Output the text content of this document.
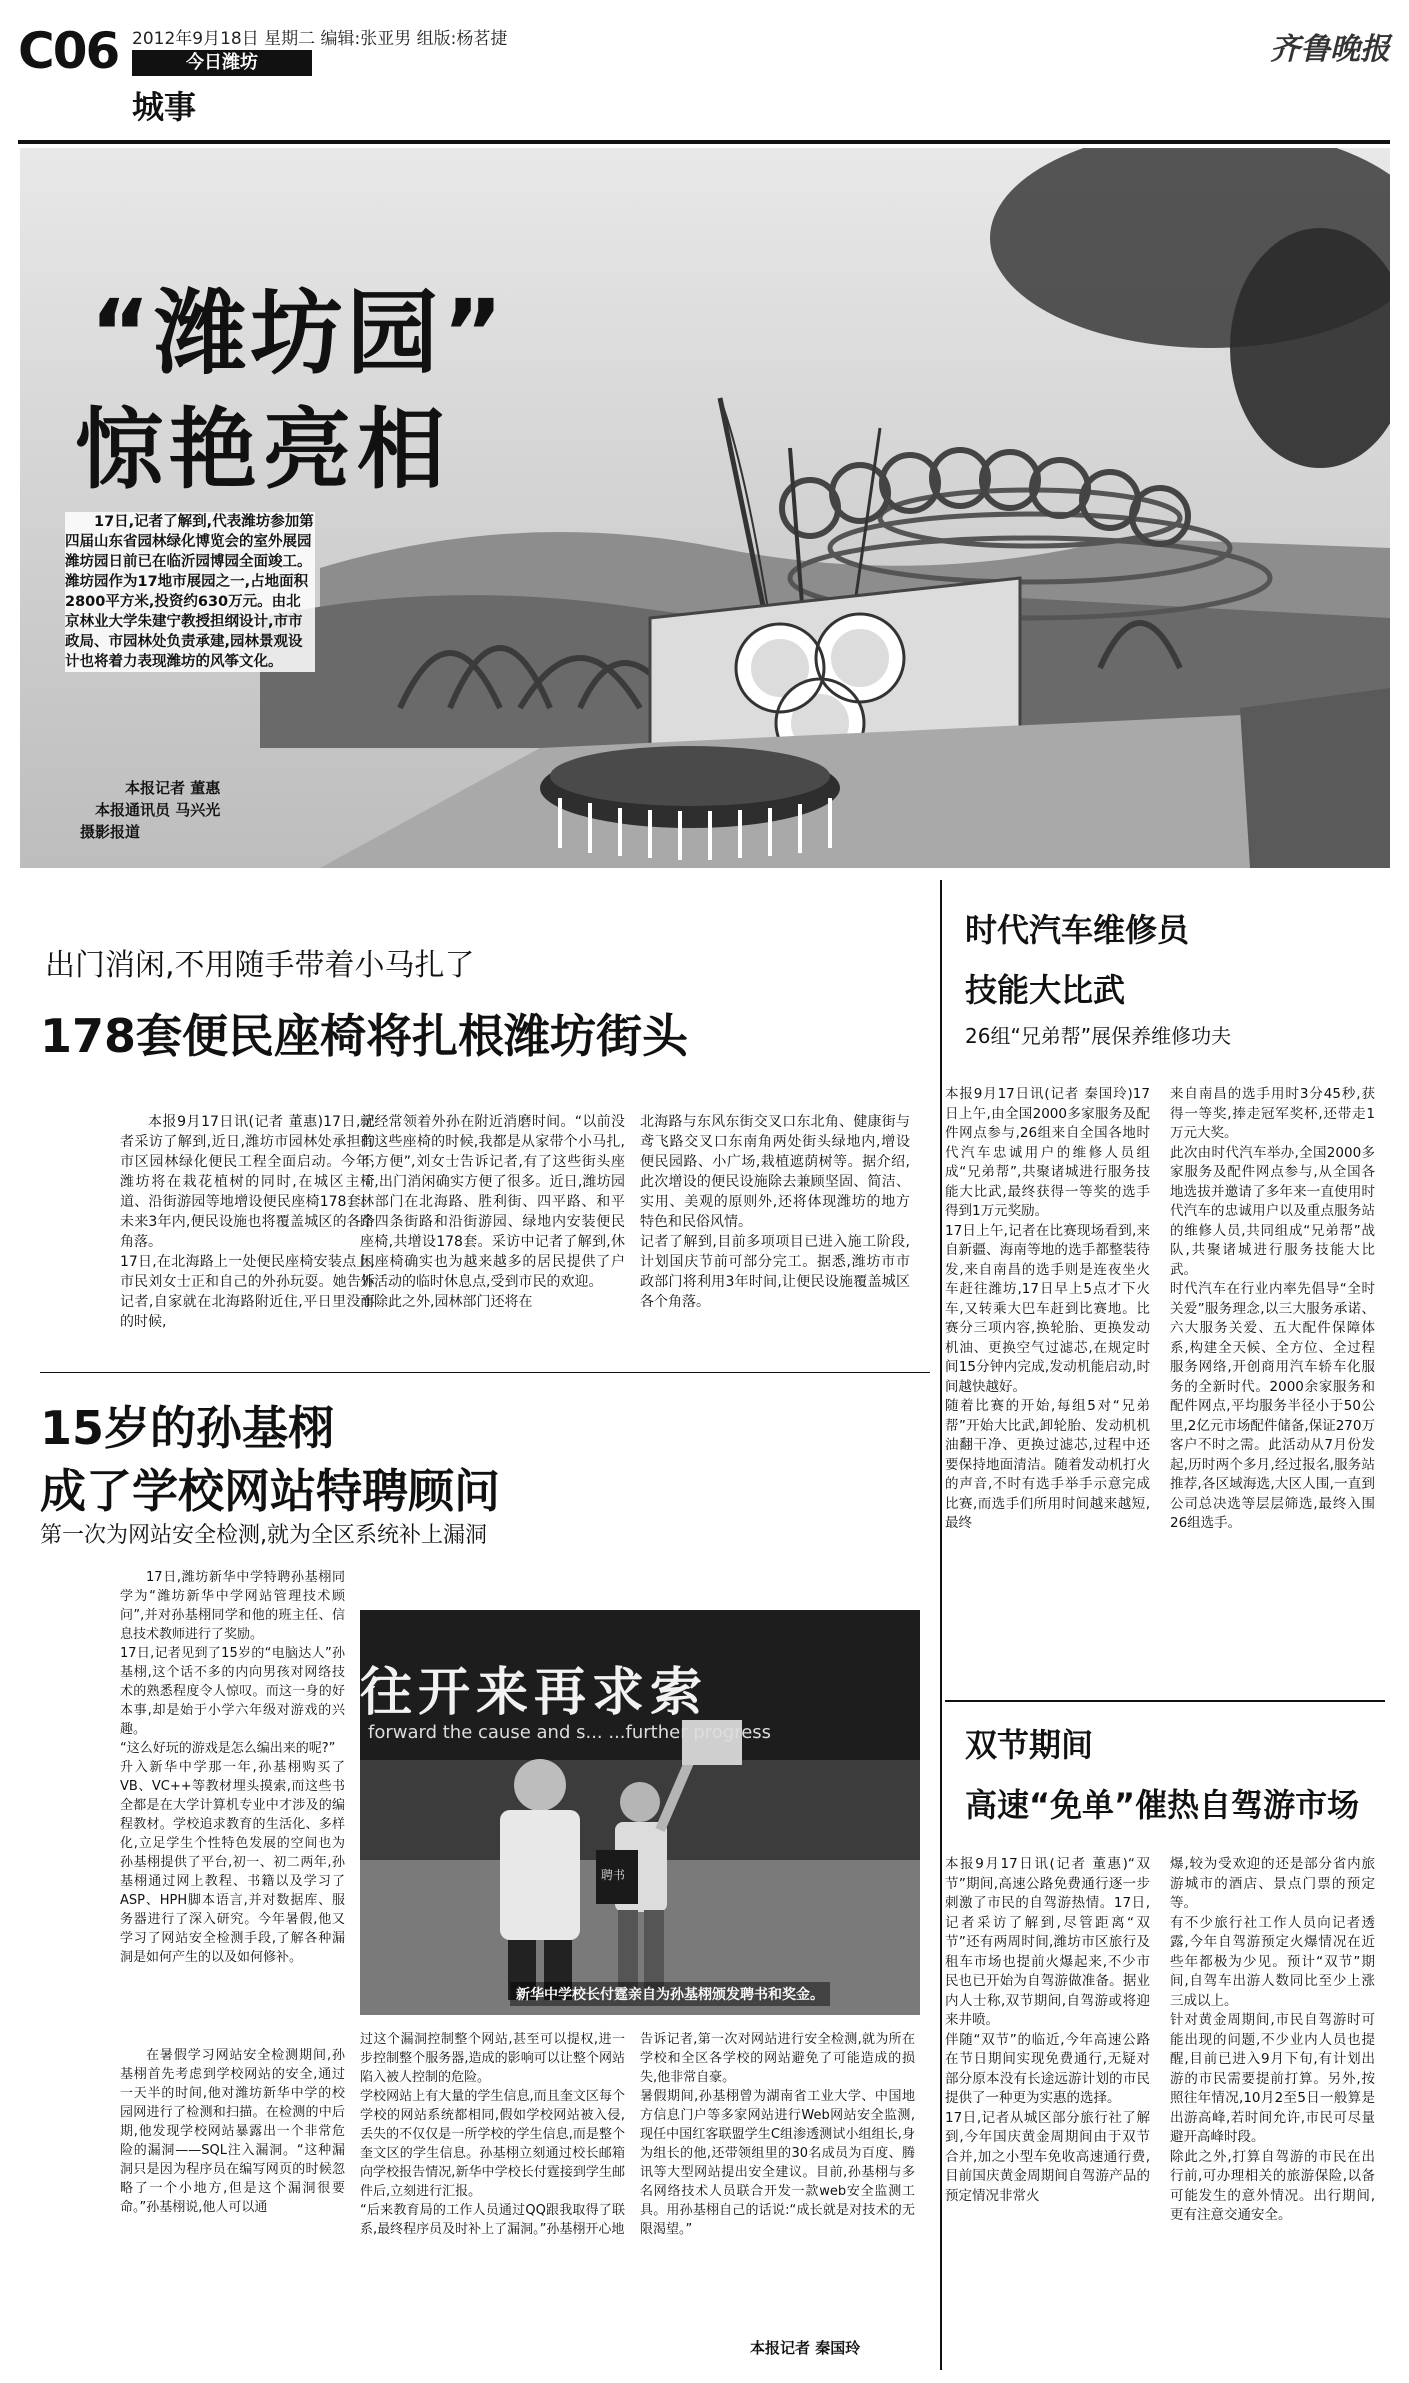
C06 2012年9月18日 星期二 编辑:张亚男 组版:杨茗捷
今日潍坊
城事
齐鲁晚报
“潍坊园”
惊艳亮相
17日,记者了解到,代表潍坊参加第四届山东省园林绿化博览会的室外展园潍坊园日前已在临沂园博园全面竣工。潍坊园作为17地市展园之一,占地面积2800平方米,投资约630万元。由北京林业大学朱建宁教授担纲设计,市市政局、市园林处负责承建,园林景观设计也将着力表现潍坊的风筝文化。
本报记者 董惠
本报通讯员 马兴光
摄影报道
出门消闲,不用随手带着小马扎了
178套便民座椅将扎根潍坊街头
本报9月17日讯(记者 董惠)17日,记者采访了解到,近日,潍坊市园林处承担的市区园林绿化便民工程全面启动。今年,潍坊将在栽花植树的同时,在城区主干道、沿街游园等地增设便民座椅178套。未来3年内,便民设施也将覆盖城区的各个角落。
17日,在北海路上一处便民座椅安装点上,市民刘女士正和自己的外孙玩耍。她告诉记者,自家就在北海路附近住,平日里没事的时候,
就经常领着外孙在附近消磨时间。“以前没有这些座椅的时候,我都是从家带个小马扎,不方便”,刘女士告诉记者,有了这些街头座椅,出门消闲确实方便了很多。近日,潍坊园林部门在北海路、胜利街、四平路、和平路四条街路和沿街游园、绿地内安装便民座椅,共增设178套。采访中记者了解到,休闲座椅确实也为越来越多的居民提供了户外活动的临时休息点,受到市民的欢迎。
而除此之外,园林部门还将在
北海路与东风东街交叉口东北角、健康街与鸢飞路交叉口东南角两处街头绿地内,增设便民园路、小广场,栽植遮荫树等。据介绍,此次增设的便民设施除去兼顾坚固、简洁、实用、美观的原则外,还将体现潍坊的地方特色和民俗风情。
记者了解到,目前多项项目已进入施工阶段,计划国庆节前可部分完工。据悉,潍坊市市政部门将利用3年时间,让便民设施覆盖城区各个角落。
15岁的孙基栩
成了学校网站特聘顾问
第一次为网站安全检测,就为全区系统补上漏洞
17日,潍坊新华中学特聘孙基栩同学为“潍坊新华中学网站管理技术顾问”,并对孙基栩同学和他的班主任、信息技术教师进行了奖励。
17日,记者见到了15岁的“电脑达人”孙基栩,这个话不多的内向男孩对网络技术的熟悉程度令人惊叹。而这一身的好本事,却是始于小学六年级对游戏的兴趣。
“这么好玩的游戏是怎么编出来的呢?”
升入新华中学那一年,孙基栩购买了VB、VC++等教材埋头摸索,而这些书全都是在大学计算机专业中才涉及的编程教材。学校追求教育的生活化、多样化,立足学生个性特色发展的空间也为孙基栩提供了平台,初一、初二两年,孙基栩通过网上教程、书籍以及学习了ASP、HPH脚本语言,并对数据库、服务器进行了深入研究。今年暑假,他又学习了网站安全检测手段,了解各种漏洞是如何产生的以及如何修补。
在暑假学习网站安全检测期间,孙基栩首先考虑到学校网站的安全,通过一天半的时间,他对潍坊新华中学的校园网进行了检测和扫描。在检测的中后期,他发现学校网站暴露出一个非常危险的漏洞——SQL注入漏洞。“这种漏洞只是因为程序员在编写网页的时候忽略了一个小地方,但是这个漏洞很要命。”孙基栩说,他人可以通
往开来再求索
forward the cause and s... ...further progress
聘书
新华中学校长付霆亲自为孙基栩颁发聘书和奖金。
过这个漏洞控制整个网站,甚至可以提权,进一步控制整个服务器,造成的影响可以让整个网站陷入被人控制的危险。
学校网站上有大量的学生信息,而且奎文区每个学校的网站系统都相同,假如学校网站被入侵,丢失的不仅仅是一所学校的学生信息,而是整个奎文区的学生信息。孙基栩立刻通过校长邮箱向学校报告情况,新华中学校长付霆接到学生邮件后,立刻进行汇报。
“后来教育局的工作人员通过QQ跟我取得了联系,最终程序员及时补上了漏洞。”孙基栩开心地
告诉记者,第一次对网站进行安全检测,就为所在学校和全区各学校的网站避免了可能造成的损失,他非常自豪。
暑假期间,孙基栩曾为湖南省工业大学、中国地方信息门户等多家网站进行Web网站安全监测,现任中国红客联盟学生C组渗透测试小组组长,身为组长的他,还带领组里的30名成员为百度、腾讯等大型网站提出安全建议。目前,孙基栩与多名网络技术人员联合开发一款web安全监测工具。用孙基栩自己的话说:“成长就是对技术的无限渴望。”
本报记者 秦国玲
时代汽车维修员
技能大比武
26组“兄弟帮”展保养维修功夫
本报9月17日讯(记者 秦国玲)17日上午,由全国2000多家服务及配件网点参与,26组来自全国各地时代汽车忠诚用户的维修人员组成“兄弟帮”,共聚诸城进行服务技能大比武,最终获得一等奖的选手得到1万元奖励。
17日上午,记者在比赛现场看到,来自新疆、海南等地的选手都整装待发,来自南昌的选手则是连夜坐火车赶往潍坊,17日早上5点才下火车,又转乘大巴车赶到比赛地。比赛分三项内容,换轮胎、更换发动机油、更换空气过滤芯,在规定时间15分钟内完成,发动机能启动,时间越快越好。
随着比赛的开始,每组5对“兄弟帮”开始大比武,卸轮胎、发动机机油翻干净、更换过滤芯,过程中还要保持地面清洁。随着发动机打火的声音,不时有选手举手示意完成比赛,而选手们所用时间越来越短,最终
来自南昌的选手用时3分45秒,获得一等奖,捧走冠军奖杯,还带走1万元大奖。
此次由时代汽车举办,全国2000多家服务及配件网点参与,从全国各地选拔并邀请了多年来一直使用时代汽车的忠诚用户以及重点服务站的维修人员,共同组成“兄弟帮”战队,共聚诸城进行服务技能大比武。
时代汽车在行业内率先倡导“全时关爱”服务理念,以三大服务承诺、六大服务关爱、五大配件保障体系,构建全天候、全方位、全过程服务网络,开创商用汽车轿车化服务的全新时代。2000余家服务和配件网点,平均服务半径小于50公里,2亿元市场配件储备,保证270万客户不时之需。此活动从7月份发起,历时两个多月,经过报名,服务站推荐,各区域海选,大区人围,一直到公司总决选等层层筛选,最终入围26组选手。
双节期间
高速“免单”催热自驾游市场
本报9月17日讯(记者 董惠)“双节”期间,高速公路免费通行逐一步刺激了市民的自驾游热情。17日,记者采访了解到,尽管距离“双节”还有两周时间,潍坊市区旅行及租车市场也提前火爆起来,不少市民也已开始为自驾游做准备。据业内人士称,双节期间,自驾游或将迎来井喷。
伴随“双节”的临近,今年高速公路在节日期间实现免费通行,无疑对部分原本没有长途远游计划的市民提供了一种更为实惠的选择。
17日,记者从城区部分旅行社了解到,今年国庆黄金周期间由于双节合并,加之小型车免收高速通行费,目前国庆黄金周期间自驾游产品的预定情况非常火
爆,较为受欢迎的还是部分省内旅游城市的酒店、景点门票的预定等。
有不少旅行社工作人员向记者透露,今年自驾游预定火爆情况在近些年都极为少见。预计“双节”期间,自驾车出游人数同比至少上涨三成以上。
针对黄金周期间,市民自驾游时可能出现的问题,不少业内人员也提醒,目前已进入9月下旬,有计划出游的市民需要提前打算。另外,按照往年情况,10月2至5日一般算是出游高峰,若时间允许,市民可尽量避开高峰时段。
除此之外,打算自驾游的市民在出行前,可办理相关的旅游保险,以备可能发生的意外情况。出行期间,更有注意交通安全。
